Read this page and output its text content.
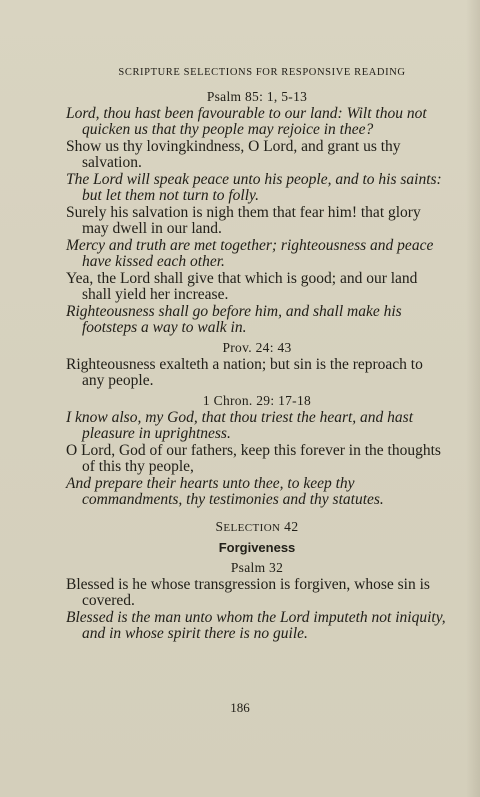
SCRIPTURE SELECTIONS FOR RESPONSIVE READING

Psalm 85: 1, 5-13

Lord, thou hast been favourable to our land: Wilt thou not quicken us that thy people may rejoice in thee?

Show us thy lovingkindness, O Lord, and grant us thy salvation.

The Lord will speak peace unto his people, and to his saints: but let them not turn to folly.

Surely his salvation is nigh them that fear him! that glory may dwell in our land.

Mercy and truth are met together; righteousness and peace have kissed each other.

Yea, the Lord shall give that which is good; and our land shall yield her increase.

Righteousness shall go before him, and shall make his footsteps a way to walk in.

Prov. 24: 43

Righteousness exalteth a nation; but sin is the reproach to any people.

1 Chron. 29: 17-18

I know also, my God, that thou triest the heart, and hast pleasure in uprightness.

O Lord, God of our fathers, keep this forever in the thoughts of this thy people,

And prepare their hearts unto thee, to keep thy commandments, thy testimonies and thy statutes.

SELECTION 42

Forgiveness

Psalm 32

Blessed is he whose transgression is forgiven, whose sin is covered.

Blessed is the man unto whom the Lord imputeth not iniquity, and in whose spirit there is no guile.

186
